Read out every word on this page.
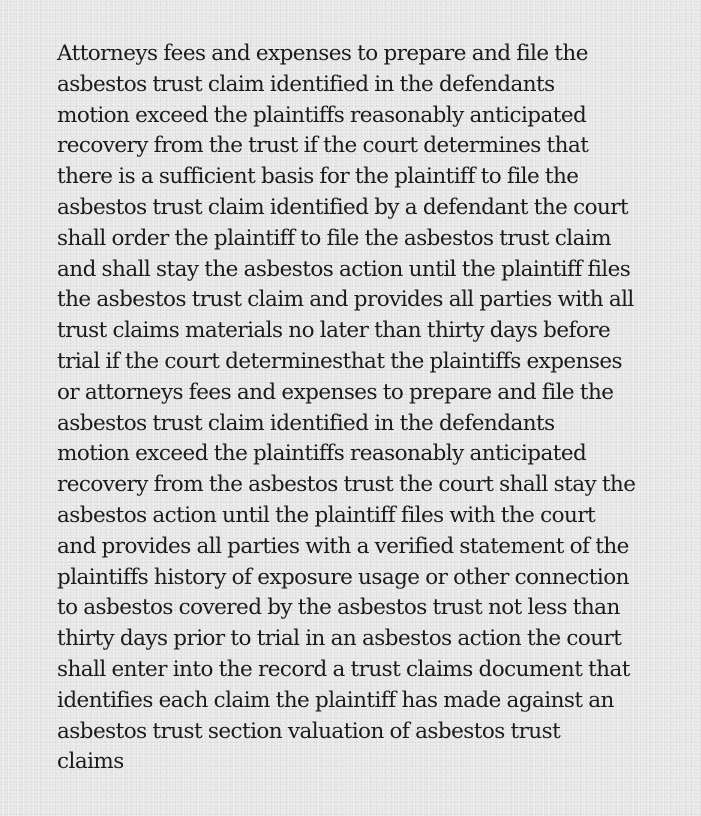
Attorneys fees and expenses to prepare and file the
asbestos trust claim identified in the defendants
motion exceed the plaintiffs reasonably anticipated
recovery from the trust if the court determines that
there is a sufficient basis for the plaintiff to file the
asbestos trust claim identified by a defendant the court
shall order the plaintiff to file the asbestos trust claim
and shall stay the asbestos action until the plaintiff files
the asbestos trust claim and provides all parties with all
trust claims materials no later than thirty days before
trial if the court determinesthat the plaintiffs expenses
or attorneys fees and expenses to prepare and file the
asbestos trust claim identified in the defendants
motion exceed the plaintiffs reasonably anticipated
recovery from the asbestos trust the court shall stay the
asbestos action until the plaintiff files with the court
and provides all parties with a verified statement of the
plaintiffs history of exposure usage or other connection
to asbestos covered by the asbestos trust not less than
thirty days prior to trial in an asbestos action the court
shall enter into the record a trust claims document that
identifies each claim the plaintiff has made against an
asbestos trust section valuation of asbestos trust
claims
